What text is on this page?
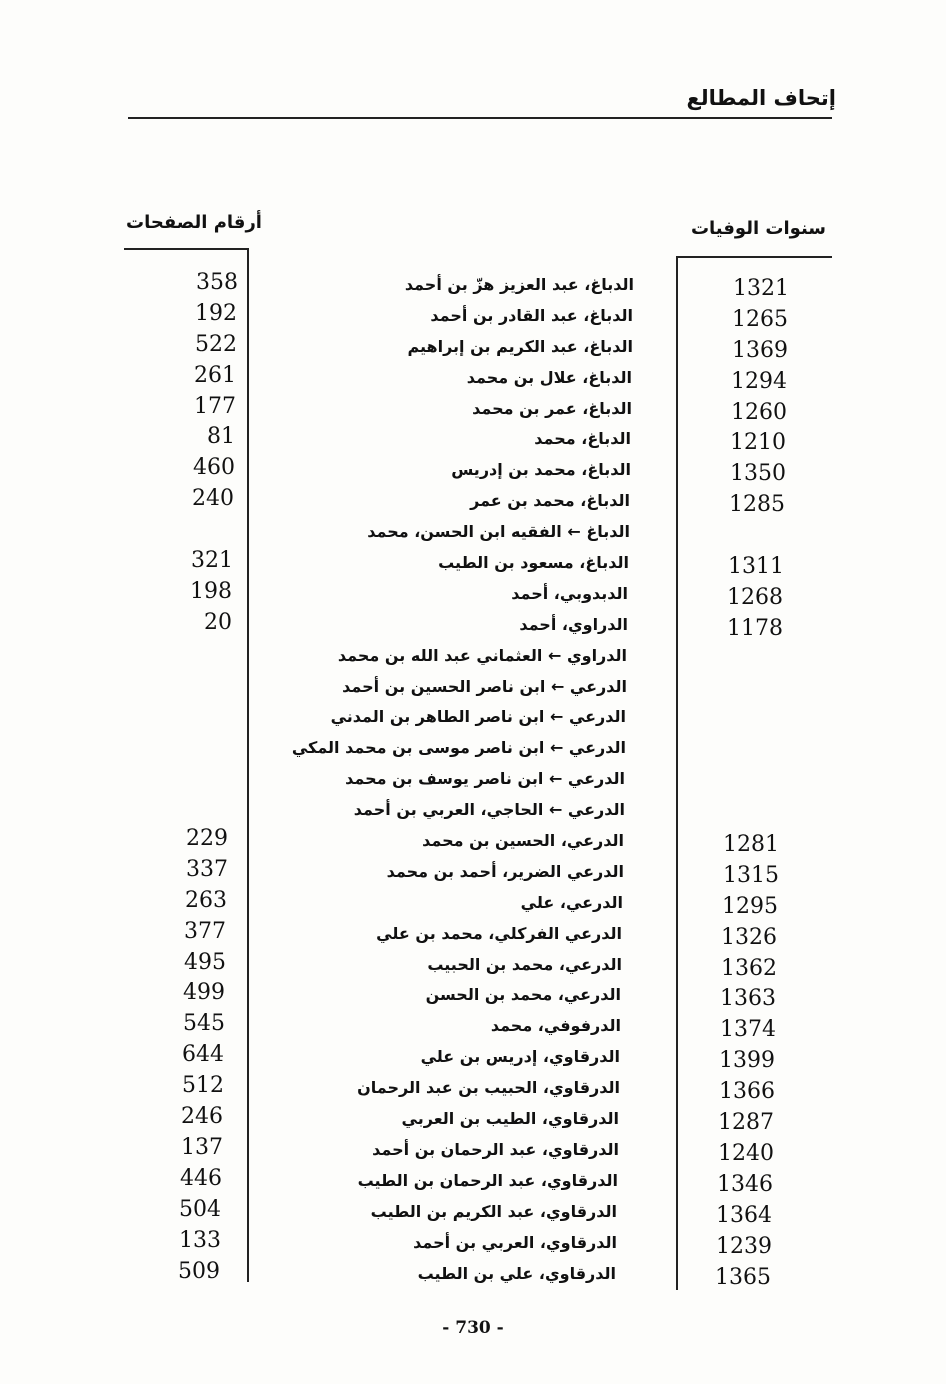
إتحاف المطالع
أرقام الصفحات	سنوات الوفيات
358	الدباغ، عبد العزيز هزّ بن أحمد	1321
192	الدباغ، عبد القادر بن أحمد	1265
522	الدباغ، عبد الكريم بن إبراهيم	1369
261	الدباغ، علال بن محمد	1294
177	الدباغ، عمر بن محمد	1260
81	الدباغ، محمد	1210
460	الدباغ، محمد بن إدريس	1350
240	الدباغ، محمد بن عمر	1285
الدباغ ← الفقيه ابن الحسن، محمد
321	الدباغ، مسعود بن الطيب	1311
198	الدبدوبي، أحمد	1268
20	الدراوي، أحمد	1178
الدراوي ← العثماني عبد الله بن محمد
الدرعي ← ابن ناصر الحسين بن أحمد
الدرعي ← ابن ناصر الطاهر بن المدني
الدرعي ← ابن ناصر موسى بن محمد المكي
الدرعي ← ابن ناصر يوسف بن محمد
الدرعي ← الحاجي، العربي بن أحمد
229	الدرعي، الحسين بن محمد	1281
337	الدرعي الضرير، أحمد بن محمد	1315
263	الدرعي، علي	1295
377	الدرعي الفركلي، محمد بن علي	1326
495	الدرعي، محمد بن الحبيب	1362
499	الدرعي، محمد بن الحسن	1363
545	الدرفوفي، محمد	1374
644	الدرقاوي، إدريس بن علي	1399
512	الدرقاوي، الحبيب بن عبد الرحمان	1366
246	الدرقاوي، الطيب بن العربي	1287
137	الدرقاوي، عبد الرحمان بن أحمد	1240
446	الدرقاوي، عبد الرحمان بن الطيب	1346
504	الدرقاوي، عبد الكريم بن الطيب	1364
133	الدرقاوي، العربي بن أحمد	1239
509	الدرقاوي، علي بن الطيب	1365
- 730 -
